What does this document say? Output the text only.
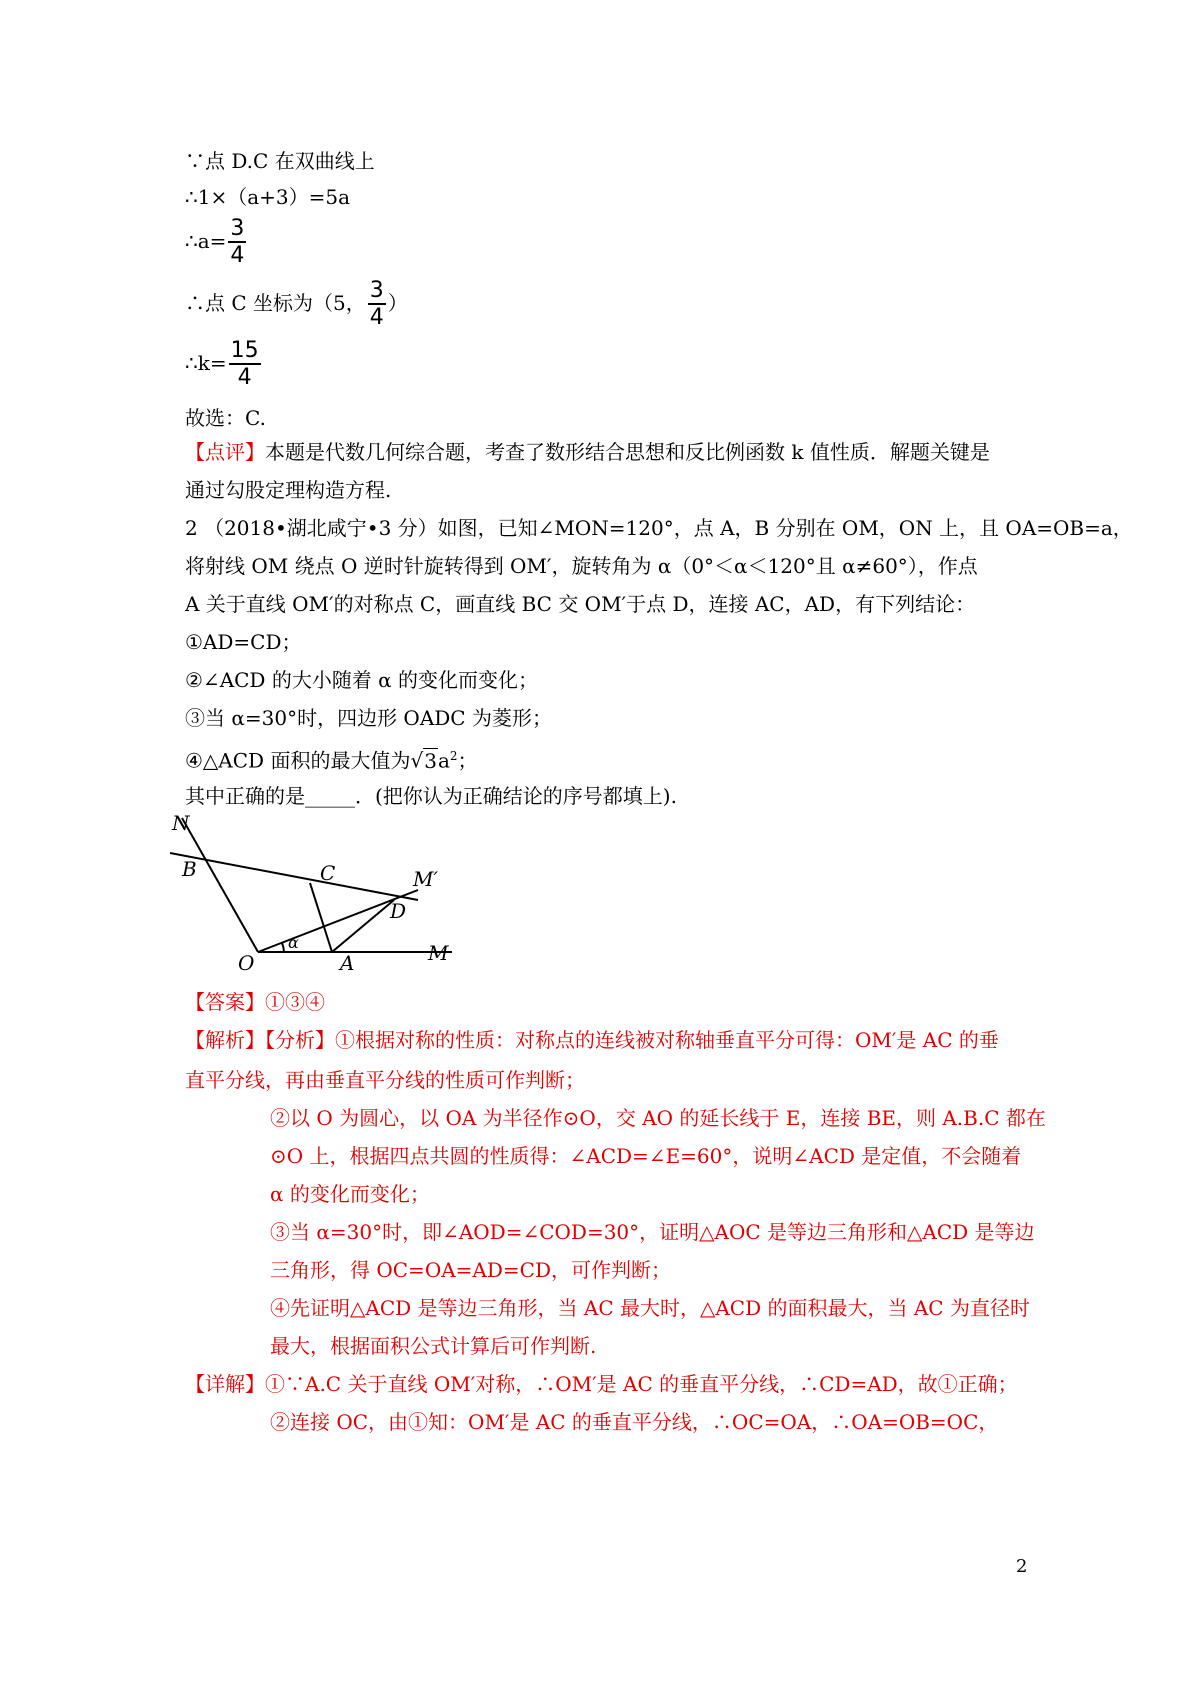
∵点 D.C 在双曲线上
∴1×（a+3）=5a
∴a= $\frac{3}{4}$
∴点 C 坐标为（5， $\frac{3}{4}$ ）
∴k= $\frac{15}{4}$
故选：C.
【点评】本题是代数几何综合题，考查了数形结合思想和反比例函数 k 值性质．解题关键是
通过勾股定理构造方程.
2 （2018•湖北咸宁•3 分）如图，已知∠MON=120°，点 A，B 分别在 OM，ON 上，且 OA=OB=a，
将射线 OM 绕点 O 逆时针旋转得到 OM′，旋转角为 α（0°＜α＜120°且 α≠60°），作点
A 关于直线 OM′的对称点 C，画直线 BC 交 OM′于点 D，连接 AC，AD，有下列结论：
①AD=CD；
②∠ACD 的大小随着 α 的变化而变化；
③当 α=30°时，四边形 OADC 为菱形；
④△ACD 面积的最大值为$√3a^2$；
其中正确的是_____．(把你认为正确结论的序号都填上).
N
B	C	M′
D
α
O	A	M
【答案】①③④
【解析】【分析】①根据对称的性质：对称点的连线被对称轴垂直平分可得：OM′是 AC 的垂
直平分线，再由垂直平分线的性质可作判断；
②以 O 为圆心，以 OA 为半径作⊙O，交 AO 的延长线于 E，连接 BE，则 A.B.C 都在
⊙O 上，根据四点共圆的性质得：∠ACD=∠E=60°，说明∠ACD 是定值，不会随着
α 的变化而变化；
③当 α=30°时，即∠AOD=∠COD=30°，证明△AOC 是等边三角形和△ACD 是等边
三角形，得 OC=OA=AD=CD，可作判断；
④先证明△ACD 是等边三角形，当 AC 最大时，△ACD 的面积最大，当 AC 为直径时
最大，根据面积公式计算后可作判断.
【详解】①∵A.C 关于直线 OM′对称，∴OM′是 AC 的垂直平分线，∴CD=AD，故①正确；
②连接 OC，由①知：OM′是 AC 的垂直平分线，∴OC=OA，∴OA=OB=OC，
2
